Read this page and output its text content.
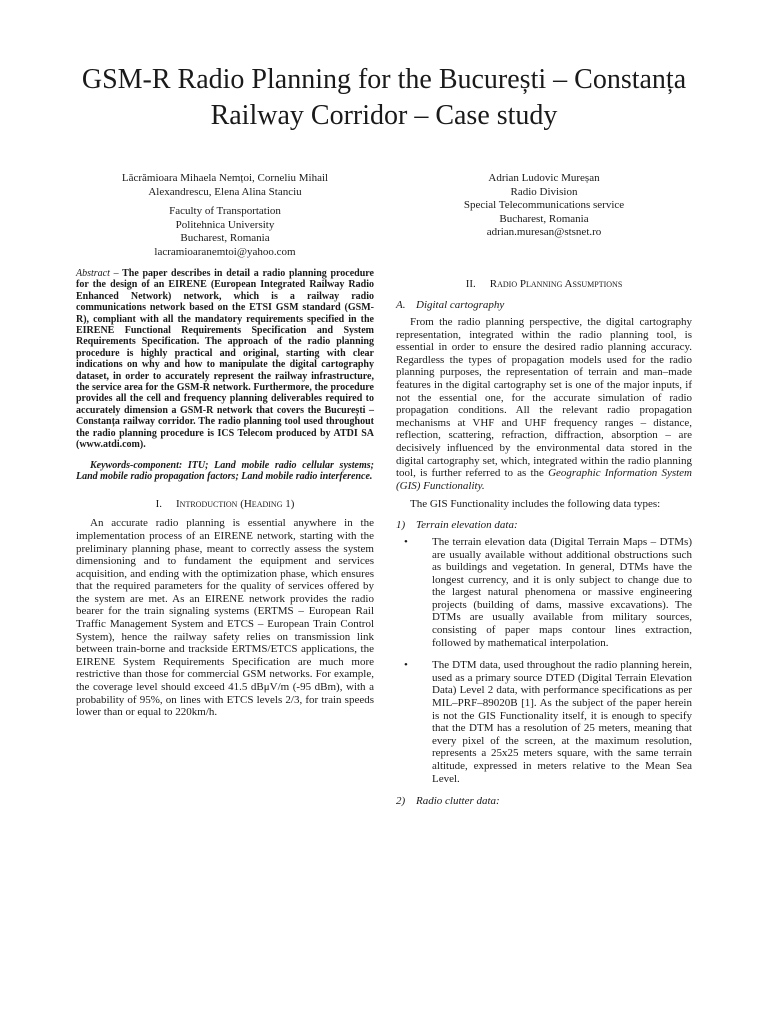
GSM-R Radio Planning for the București – Constanța
Railway Corridor – Case study
Lăcrămioara Mihaela Nemțoi, Corneliu Mihail
Alexandrescu, Elena Alina Stanciu
Faculty of Transportation
Politehnica University
Bucharest, Romania
lacramioaranemtoi@yahoo.com
Adrian Ludovic Mureșan
Radio Division
Special Telecommunications service
Bucharest, Romania
adrian.muresan@stsnet.ro

Abstract – The paper describes in detail a radio planning procedure for the design of an EIRENE (European Integrated Railway Radio Enhanced Network) network, which is a railway radio communications network based on the ETSI GSM standard (GSM-R), compliant with all the mandatory requirements specified in the EIRENE Functional Requirements Specification and System Requirements Specification. The approach of the radio planning procedure is highly practical and original, starting with clear indications on why and how to manipulate the digital cartography dataset, in order to accurately represent the railway infrastructure, the service area for the GSM-R network. Furthermore, the procedure provides all the cell and frequency planning deliverables required to accurately dimension a GSM-R network that covers the București – Constanța railway corridor. The radio planning tool used throughout the radio planning procedure is ICS Telecom produced by ATDI SA (www.atdi.com).

Keywords-component: ITU; Land mobile radio cellular systems; Land mobile radio propagation factors; Land mobile radio interference.

I. Introduction (Heading 1)

An accurate radio planning is essential anywhere in the implementation process of an EIRENE network, starting with the preliminary planning phase, meant to correctly assess the system dimensioning and to fundament the equipment and services acquisition, and ending with the optimization phase, which ensures that the required parameters for the quality of services offered by the system are met. As an EIRENE network provides the radio bearer for the train signaling systems (ERTMS – European Rail Traffic Management System and ETCS – European Train Control System), hence the railway safety relies on transmission link between train-borne and trackside ERTMS/ETCS applications, the EIRENE System Requirements Specification are much more restrictive than those for commercial GSM networks. For example, the coverage level should exceed 41.5 dBμV/m (-95 dBm), with a probability of 95%, on lines with ETCS levels 2/3, for train speeds lower than or equal to 220km/h.

II. Radio Planning Assumptions
A. Digital cartography

From the radio planning perspective, the digital cartography representation, integrated within the radio planning tool, is essential in order to ensure the desired radio planning accuracy. Regardless the types of propagation models used for the radio planning purposes, the representation of terrain and man–made features in the digital cartography set is one of the major inputs, if not the essential one, for the accurate simulation of radio propagation conditions. All the relevant radio propagation mechanisms at VHF and UHF frequency ranges – distance, reflection, scattering, refraction, diffraction, absorption – are decisively influenced by the environmental data stored in the digital cartography set, which, integrated within the radio planning tool, is further referred to as the Geographic Information System (GIS) Functionality.

The GIS Functionality includes the following data types:

1) Terrain elevation data:
• The terrain elevation data (Digital Terrain Maps – DTMs) are usually available without additional obstructions such as buildings and vegetation. In general, DTMs have the longest currency, and it is only subject to change due to the largest natural phenomena or massive engineering projects (building of dams, massive excavations). The DTMs are usually available from military sources, consisting of paper maps contour lines extraction, followed by mathematical interpolation.
• The DTM data, used throughout the radio planning herein, used as a primary source DTED (Digital Terrain Elevation Data) Level 2 data, with performance specifications as per MIL–PRF–89020B [1]. As the subject of the paper herein is not the GIS Functionality itself, it is enough to specify that the DTM has a resolution of 25 meters, meaning that every pixel of the screen, at the maximum resolution, represents a 25x25 meters square, with the same terrain altitude, expressed in meters relative to the Mean Sea Level.
2) Radio clutter data:
